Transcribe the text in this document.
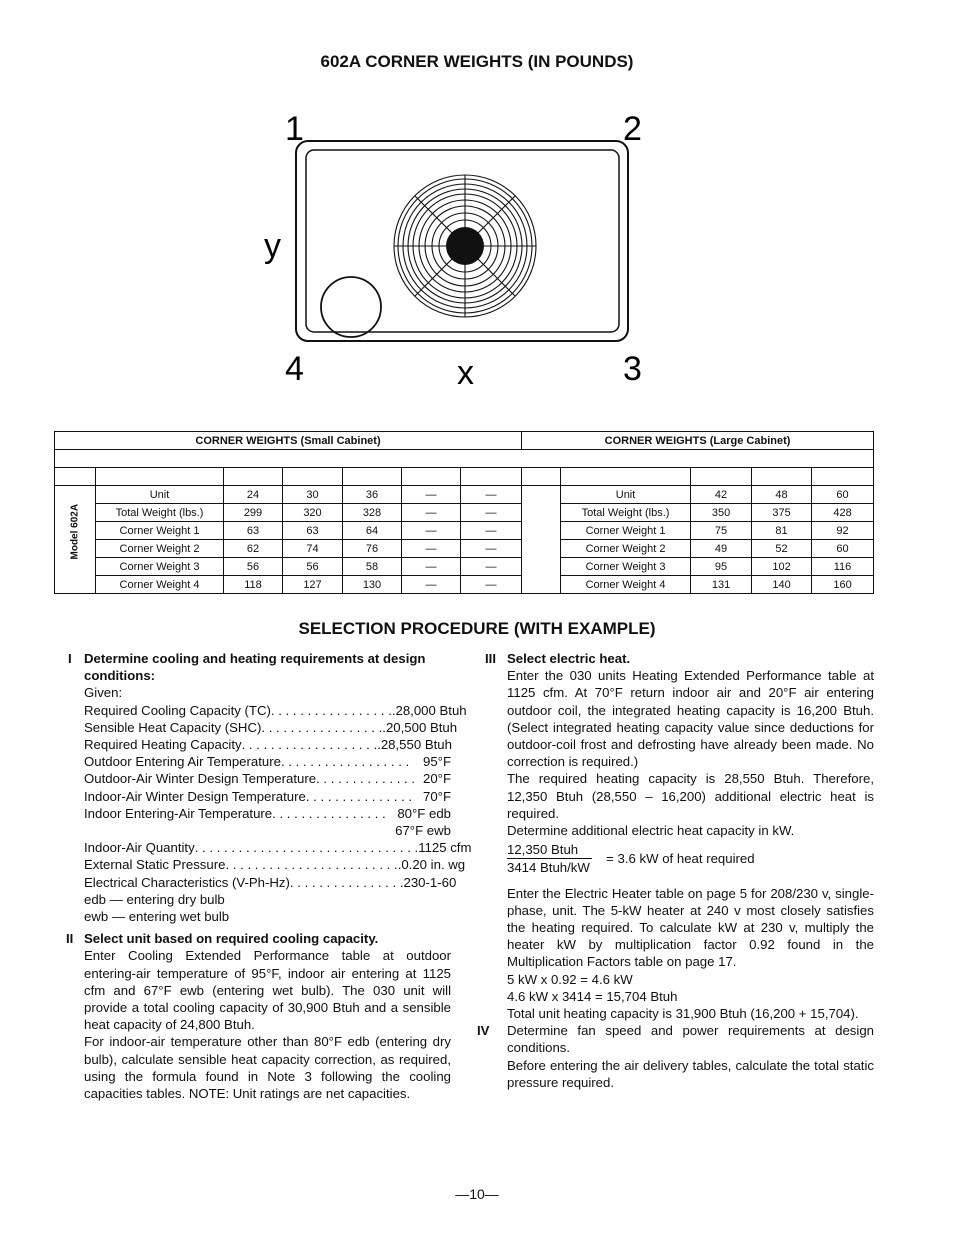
602A CORNER WEIGHTS (IN POUNDS)
1	2
3
4
y
x
CORNER WEIGHTS (Small Cabinet)							CORNER WEIGHTS (Large Cabinet)				

Model 602A	Unit	24	30	36	—	—		Unit	42	48	60
	Total Weight (lbs.)	299	320	328	—	—		Total Weight (lbs.)	350	375	428
	Corner Weight 1	63	63	64	—	—		Corner Weight 1	75	81	92
	Corner Weight 2	62	74	76	—	—		Corner Weight 2	49	52	60
	Corner Weight 3	56	56	58	—	—		Corner Weight 3	95	102	116
	Corner Weight 4	118	127	130	—	—		Corner Weight 4	131	140	160
SELECTION PROCEDURE (WITH EXAMPLE)
I Determine cooling and heating requirements at design conditions:

Given:

Required Cooling Capacity (TC) . . . . . . . . . . . . . . . . . .28,000 Btuh
Sensible Heat Capacity (SHC) . . . . . . . . . . . . . . . . . .20,500 Btuh
Required Heating Capacity . . . . . . . . . . . . . . . . . . . .28,550 Btuh
Outdoor Entering Air Temperature . . . . . . . . . . . . . . . . . .	95°F
Outdoor-Air Winter Design Temperature . . . . . . . . . . . . . . 20°F
Indoor-Air Winter Design Temperature . . . . . . . . . . . . . . . 70°F
Indoor Entering-Air Temperature . . . . . . . . . . . . . . . . 80°F edb

67°F ewb

Indoor-Air Quantity . . . . . . . . . . . . . . . . . . . . . . . . . . . . . . . 1125 cfm
External Static Pressure . . . . . . . . . . . . . . . . . . . . . . . . .0.20 in. wg
Electrical Characteristics (V-Ph-Hz) . . . . . . . . . . . . . . . . 230-1-60

edb — entering dry bulb

ewb — entering wet bulb

II Select unit based on required cooling capacity.

Enter Cooling Extended Performance table at outdoor entering-air temperature of 95°F, indoor air entering at 1125 cfm and 67°F ewb (entering wet bulb). The 030 unit will provide a total cooling capacity of 30,900 Btuh and a sensible heat capacity of 24,800 Btuh.

For indoor-air temperature other than 80°F edb (entering dry bulb), calculate sensible heat capacity correction, as required, using the formula found in Note 3 following the cooling capacities tables. NOTE: Unit ratings are net capacities.

III Select electric heat.

Enter the 030 units Heating Extended Performance table at 1125 cfm. At 70°F return indoor air and 20°F air entering outdoor coil, the integrated heating capacity is 16,200 Btuh. (Select integrated heating capacity value since deductions for outdoor-coil frost and defrosting have already been made. No correction is required.)

The required heating capacity is 28,550 Btuh. Therefore, 12,350 Btuh (28,550 – 16,200) additional electric heat is required.

Determine additional electric heat capacity in kW.

12,350 Btuh
3414 Btuh/kW
= 3.6 kW of heat required

Enter the Electric Heater table on page 5 for 208/230 v, single-phase, unit. The 5-kW heater at 240 v most closely satisfies the heating required. To calculate kW at 230 v, multiply the heater kW by multiplication factor 0.92 found in the Multiplication Factors table on page 17.

5 kW x 0.92 = 4.6 kW

4.6 kW x 3414 = 15,704 Btuh

Total unit heating capacity is 31,900 Btuh (16,200 + 15,704).

IV Determine fan speed and power requirements at design conditions.

Before entering the air delivery tables, calculate the total static pressure required.

—10—
